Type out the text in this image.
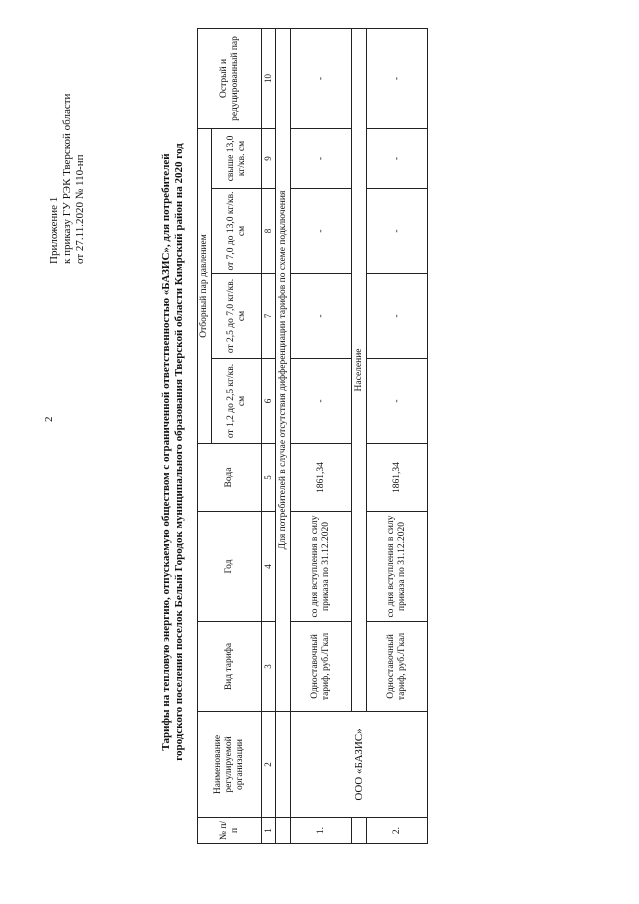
2
Приложение 1 к приказу ГУ РЭК Тверской области от 27.11.2020 № 110-нп	Тарифы на тепловую энергию, отпускаемую обществом с ограниченной ответственностью «БАЗИС», для потребителей городского поселения поселок Белый Городок муниципального образования Тверской области Кимрский район на 2020 год
№ п/п	Наименование регулируемой организации	Вид тарифа	Год	Вода	Отборный пар давлением				Острый и редуцированный пар
					от 1,2 до 2,5 кг/кв. см	от 2,5 до 7,0 кг/кв. см	от 7,0 до 13,0 кг/кв. см	свыше 13,0 кг/кв. см	
1	2	3	4	5	6	7	8	9	10
		Для потребителей в случае отсутствия дифференциации тарифов по схеме подключения							
1.	ООО «БАЗИС»	Одноставочный тариф, руб./Гкал	со дня вступления в силу приказа по 31.12.2020	1861,34	-	-	-	-	-
		Население							
2.		Одноставочный тариф, руб./Гкал	со дня вступления в силу приказа по 31.12.2020	1861,34	-	-	-	-	-
